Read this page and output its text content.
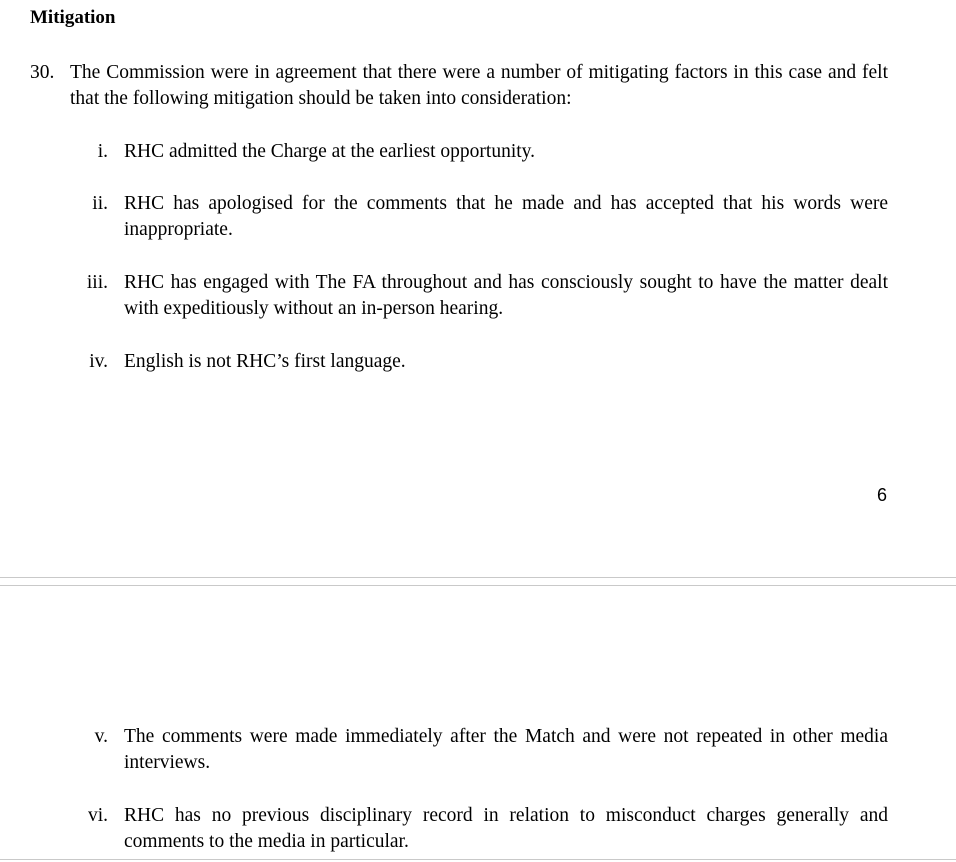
Mitigation
30. The Commission were in agreement that there were a number of mitigating factors in this case and felt that the following mitigation should be taken into consideration:
i. RHC admitted the Charge at the earliest opportunity.
ii. RHC has apologised for the comments that he made and has accepted that his words were inappropriate.
iii. RHC has engaged with The FA throughout and has consciously sought to have the matter dealt with expeditiously without an in-person hearing.
iv. English is not RHC’s first language.
6
v. The comments were made immediately after the Match and were not repeated in other media interviews.
vi. RHC has no previous disciplinary record in relation to misconduct charges generally and comments to the media in particular.
